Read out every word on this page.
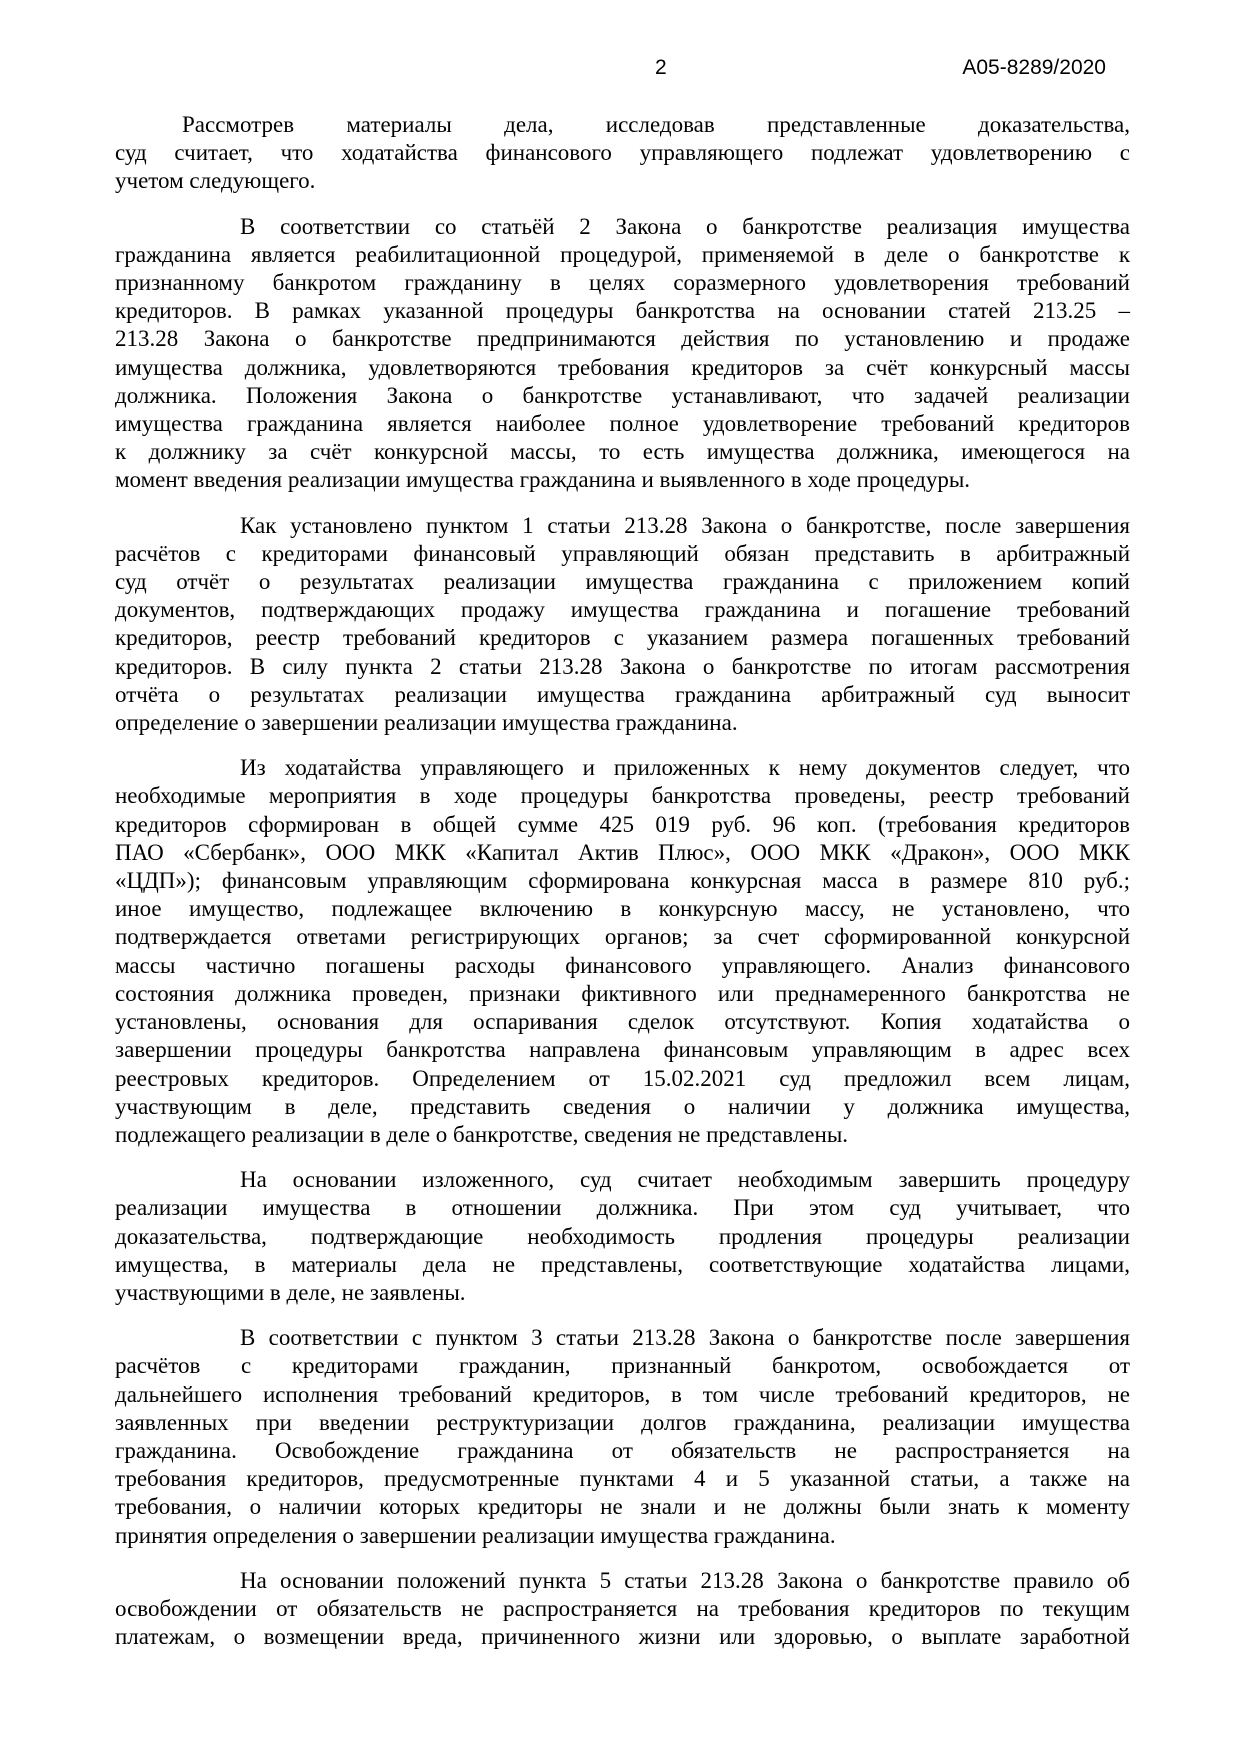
2	А05-8289/2020
Рассмотрев материалы дела, исследовав представленные доказательства,
суд считает, что ходатайства финансового управляющего подлежат удовлетворению с
учетом следующего.
В соответствии со статьёй 2 Закона о банкротстве реализация имущества
гражданина является реабилитационной процедурой, применяемой в деле о банкротстве к
признанному банкротом гражданину в целях соразмерного удовлетворения требований
кредиторов. В рамках указанной процедуры банкротства на основании статей 213.25 –
213.28 Закона о банкротстве предпринимаются действия по установлению и продаже
имущества должника, удовлетворяются требования кредиторов за счёт конкурсный массы
должника. Положения Закона о банкротстве устанавливают, что задачей реализации
имущества гражданина является наиболее полное удовлетворение требований кредиторов
к должнику за счёт конкурсной массы, то есть имущества должника, имеющегося на
момент введения реализации имущества гражданина и выявленного в ходе процедуры.
Как установлено пунктом 1 статьи 213.28 Закона о банкротстве, после завершения
расчётов с кредиторами финансовый управляющий обязан представить в арбитражный
суд отчёт о результатах реализации имущества гражданина с приложением копий
документов, подтверждающих продажу имущества гражданина и погашение требований
кредиторов, реестр требований кредиторов с указанием размера погашенных требований
кредиторов. В силу пункта 2 статьи 213.28 Закона о банкротстве по итогам рассмотрения
отчёта о результатах реализации имущества гражданина арбитражный суд выносит
определение о завершении реализации имущества гражданина.
Из ходатайства управляющего и приложенных к нему документов следует, что
необходимые мероприятия в ходе процедуры банкротства проведены, реестр требований
кредиторов сформирован в общей сумме 425 019 руб. 96 коп. (требования кредиторов
ПАО «Сбербанк», ООО МКК «Капитал Актив Плюс», ООО МКК «Дракон», ООО МКК
«ЦДП»); финансовым управляющим сформирована конкурсная масса в размере 810 руб.;
иное имущество, подлежащее включению в конкурсную массу, не установлено, что
подтверждается ответами регистрирующих органов; за счет сформированной конкурсной
массы частично погашены расходы финансового управляющего. Анализ финансового
состояния должника проведен, признаки фиктивного или преднамеренного банкротства не
установлены, основания для оспаривания сделок отсутствуют. Копия ходатайства о
завершении процедуры банкротства направлена финансовым управляющим в адрес всех
реестровых кредиторов. Определением от 15.02.2021 суд предложил всем лицам,
участвующим в деле, представить сведения о наличии у должника имущества,
подлежащего реализации в деле о банкротстве, сведения не представлены.
На основании изложенного, суд считает необходимым завершить процедуру
реализации имущества в отношении должника. При этом суд учитывает, что
доказательства, подтверждающие необходимость продления процедуры реализации
имущества, в материалы дела не представлены, соответствующие ходатайства лицами,
участвующими в деле, не заявлены.
В соответствии с пунктом 3 статьи 213.28 Закона о банкротстве после завершения
расчётов с кредиторами гражданин, признанный банкротом, освобождается от
дальнейшего исполнения требований кредиторов, в том числе требований кредиторов, не
заявленных при введении реструктуризации долгов гражданина, реализации имущества
гражданина. Освобождение гражданина от обязательств не распространяется на
требования кредиторов, предусмотренные пунктами 4 и 5 указанной статьи, а также на
требования, о наличии которых кредиторы не знали и не должны были знать к моменту
принятия определения о завершении реализации имущества гражданина.
На основании положений пункта 5 статьи 213.28 Закона о банкротстве правило об
освобождении от обязательств не распространяется на требования кредиторов по текущим
платежам, о возмещении вреда, причиненного жизни или здоровью, о выплате заработной
